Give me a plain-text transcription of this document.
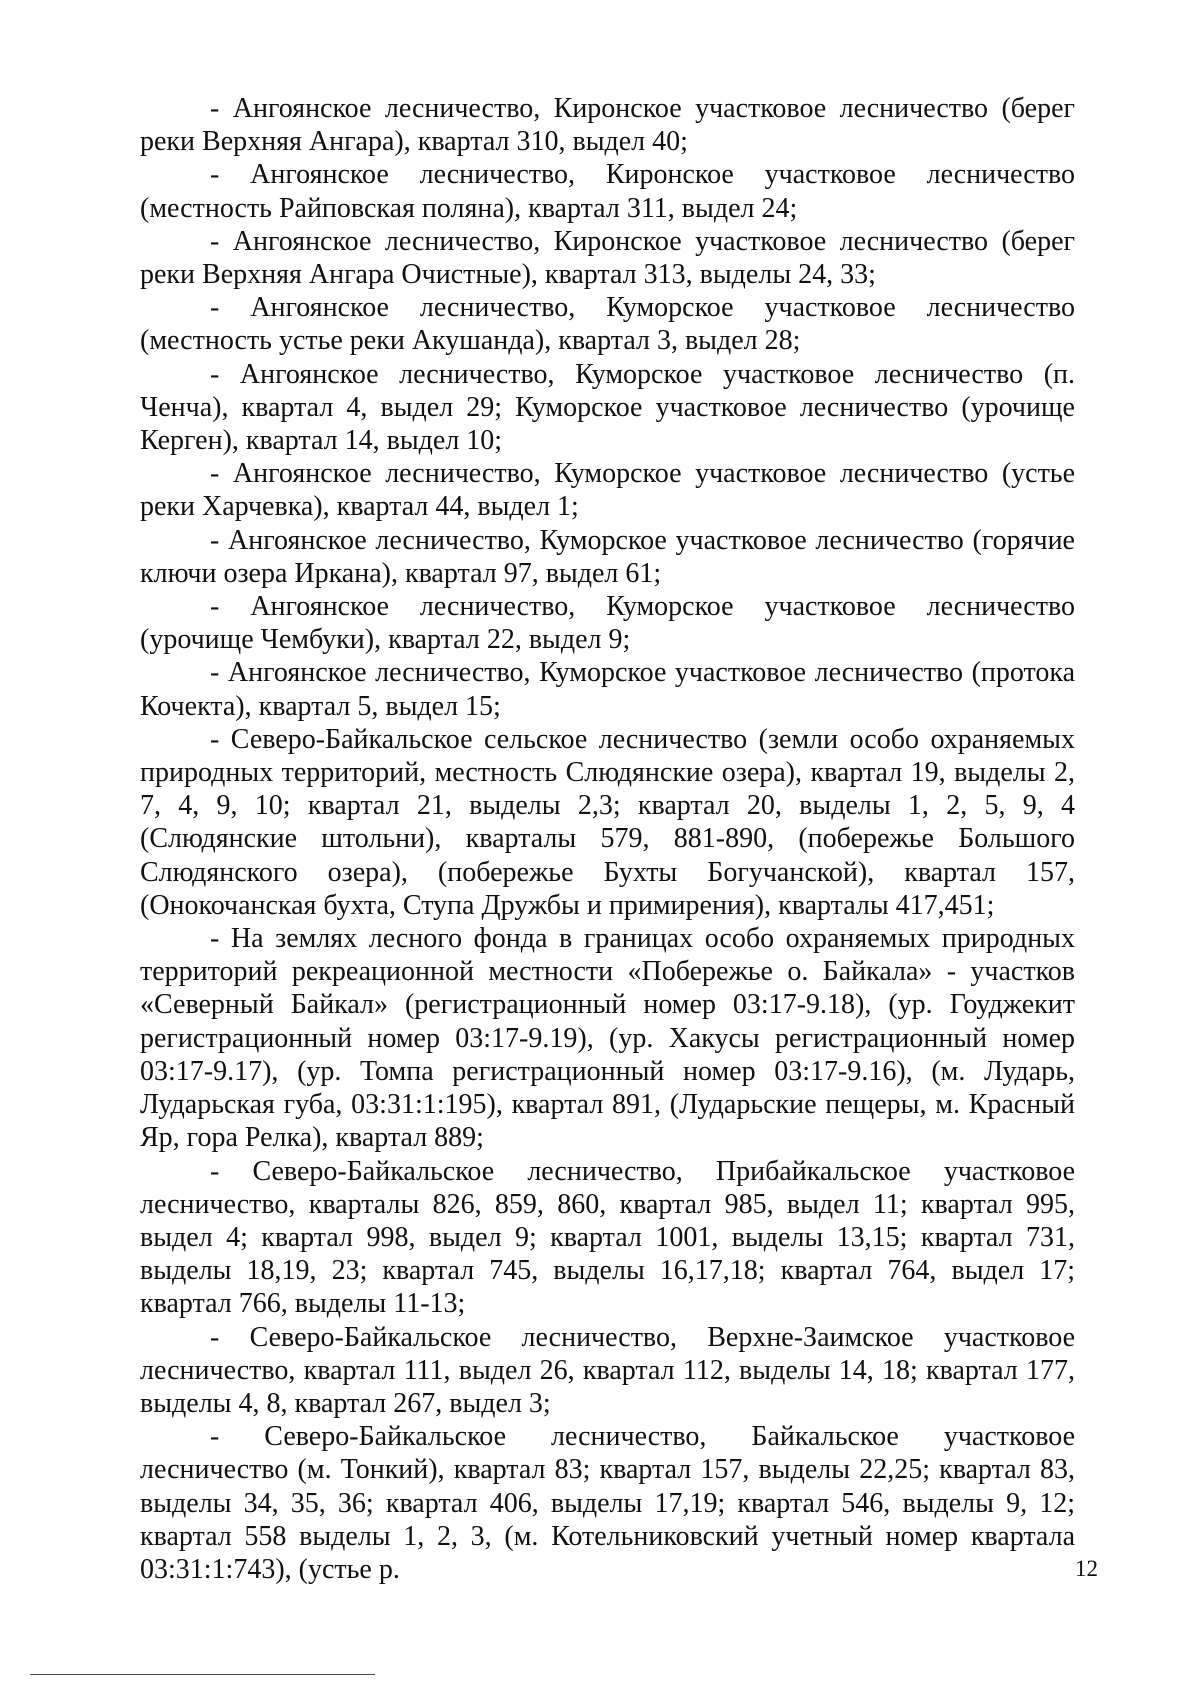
- Ангоянское лесничество, Киронское участковое лесничество (берег реки Верхняя Ангара), квартал 310, выдел 40;

- Ангоянское лесничество, Киронское участковое лесничество (местность Райповская поляна), квартал 311, выдел 24;

- Ангоянское лесничество, Киронское участковое лесничество (берег реки Верхняя Ангара Очистные), квартал 313, выделы 24, 33;

- Ангоянское лесничество, Куморское участковое лесничество (местность устье реки Акушанда), квартал 3, выдел 28;

- Ангоянское лесничество, Куморское участковое лесничество (п. Ченча), квартал 4, выдел 29; Куморское участковое лесничество (урочище Керген), квартал 14, выдел 10;

- Ангоянское лесничество, Куморское участковое лесничество (устье реки Харчевка), квартал 44, выдел 1;

- Ангоянское лесничество, Куморское участковое лесничество (горячие ключи озера Иркана), квартал 97, выдел 61;

- Ангоянское лесничество, Куморское участковое лесничество (урочище Чембуки), квартал 22, выдел 9;

- Ангоянское лесничество, Куморское участковое лесничество (протока Кочекта), квартал 5, выдел 15;

- Северо-Байкальское сельское лесничество (земли особо охраняемых природных территорий, местность Слюдянские озера), квартал 19, выделы 2, 7, 4, 9, 10; квартал 21, выделы 2,3; квартал 20, выделы 1, 2, 5, 9, 4 (Слюдянские штольни), кварталы 579, 881-890, (побережье Большого Слюдянского озера), (побережье Бухты Богучанской), квартал 157, (Онокочанская бухта, Ступа Дружбы и примирения), кварталы 417,451;

- На землях лесного фонда в границах особо охраняемых природных территорий рекреационной местности «Побережье о. Байкала» - участков «Северный Байкал» (регистрационный номер 03:17-9.18), (ур. Гоуджекит регистрационный номер 03:17-9.19), (ур. Хакусы регистрационный номер 03:17-9.17), (ур. Томпа регистрационный номер 03:17-9.16), (м. Лударь, Лударьская губа, 03:31:1:195), квартал 891, (Лударьские пещеры, м. Красный Яр, гора Релка), квартал 889;

- Северо-Байкальское лесничество, Прибайкальское участковое лесничество, кварталы 826, 859, 860, квартал 985, выдел 11; квартал 995, выдел 4; квартал 998, выдел 9; квартал 1001, выделы 13,15; квартал 731, выделы 18,19, 23; квартал 745, выделы 16,17,18; квартал 764, выдел 17; квартал 766, выделы 11-13;

- Северо-Байкальское лесничество, Верхне-Заимское участковое лесничество, квартал 111, выдел 26, квартал 112, выделы 14, 18; квартал 177, выделы 4, 8, квартал 267, выдел 3;

- Северо-Байкальское лесничество, Байкальское участковое лесничество (м. Тонкий), квартал 83; квартал 157, выделы 22,25; квартал 83, выделы 34, 35, 36; квартал 406, выделы 17,19; квартал 546, выделы 9, 12; квартал 558 выделы 1, 2, 3, (м. Котельниковский учетный номер квартала 03:31:1:743), (устье р.	12
